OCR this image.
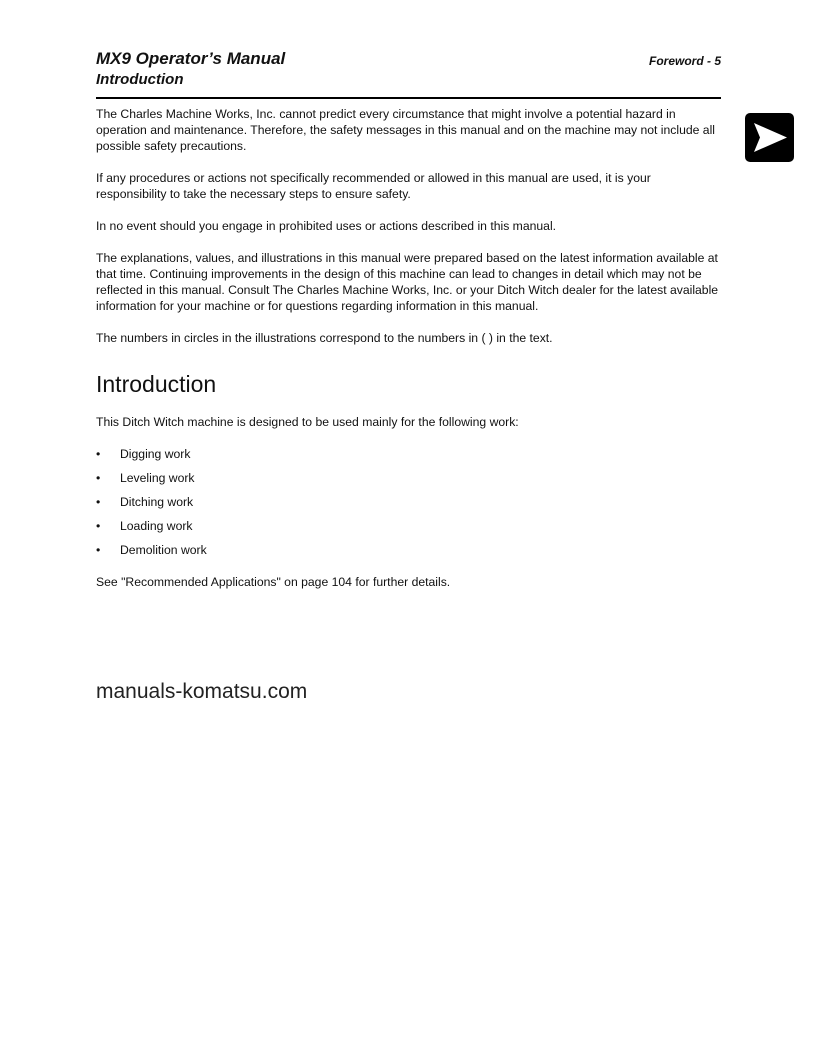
MX9 Operator’s Manual
Introduction
Foreword - 5

The Charles Machine Works, Inc. cannot predict every circumstance that might involve a potential hazard in operation and maintenance. Therefore, the safety messages in this manual and on the machine may not include all possible safety precautions.

If any procedures or actions not specifically recommended or allowed in this manual are used, it is your responsibility to take the necessary steps to ensure safety.

In no event should you engage in prohibited uses or actions described in this manual.

The explanations, values, and illustrations in this manual were prepared based on the latest information available at that time. Continuing improvements in the design of this machine can lead to changes in detail which may not be reflected in this manual. Consult The Charles Machine Works, Inc. or your Ditch Witch dealer for the latest available information for your machine or for questions regarding information in this manual.

The numbers in circles in the illustrations correspond to the numbers in ( ) in the text.

Introduction

This Ditch Witch machine is designed to be used mainly for the following work:

• Digging work
• Leveling work
• Ditching work
• Loading work
• Demolition work

See "Recommended Applications" on page 104 for further details.

manuals-komatsu.com
